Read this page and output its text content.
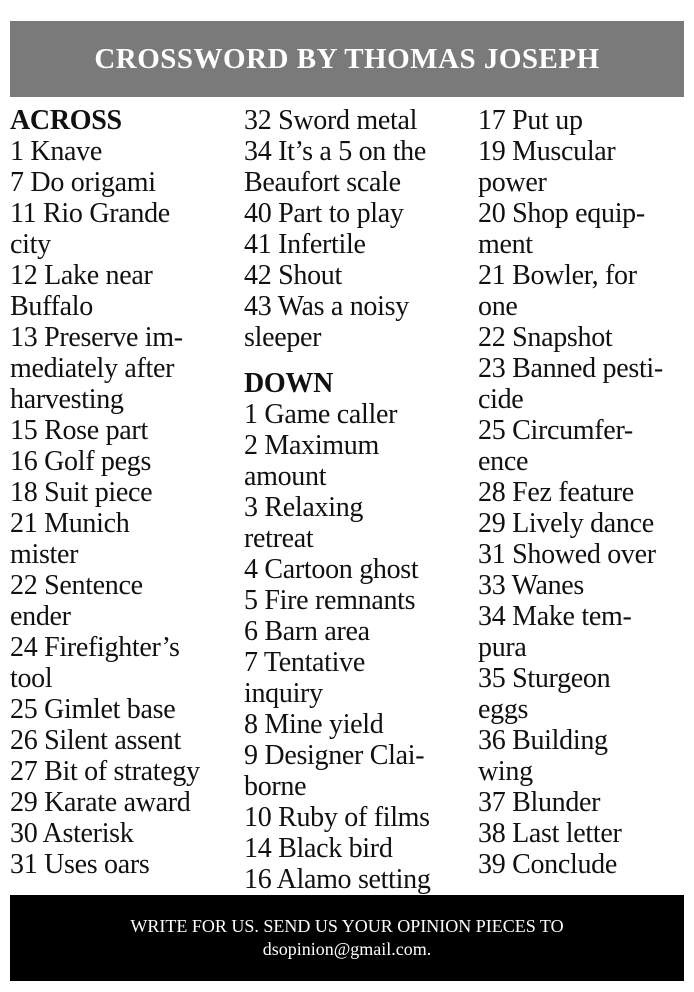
CROSSWORD BY THOMAS JOSEPH
ACROSS
1 Knave
7 Do origami
11 Rio Grande
city
12 Lake near
Buffalo
13 Preserve im-
mediately after
harvesting
15 Rose part
16 Golf pegs
18 Suit piece
21 Munich
mister
22 Sentence
ender
24 Firefighter’s
tool
25 Gimlet base
26 Silent assent
27 Bit of strategy
29 Karate award
30 Asterisk
31 Uses oars
32 Sword metal
34 It’s a 5 on the
Beaufort scale
40 Part to play
41 Infertile
42 Shout
43 Was a noisy
sleeper
DOWN
1 Game caller
2 Maximum
amount
3 Relaxing
retreat
4 Cartoon ghost
5 Fire remnants
6 Barn area
7 Tentative
inquiry
8 Mine yield
9 Designer Clai-
borne
10 Ruby of films
14 Black bird
16 Alamo setting
17 Put up
19 Muscular
power
20 Shop equip-
ment
21 Bowler, for
one
22 Snapshot
23 Banned pesti-
cide
25 Circumfer-
ence
28 Fez feature
29 Lively dance
31 Showed over
33 Wanes
34 Make tem-
pura
35 Sturgeon
eggs
36 Building
wing
37 Blunder
38 Last letter
39 Conclude
WRITE FOR US. SEND US YOUR OPINION PIECES TO
dsopinion@gmail.com.
